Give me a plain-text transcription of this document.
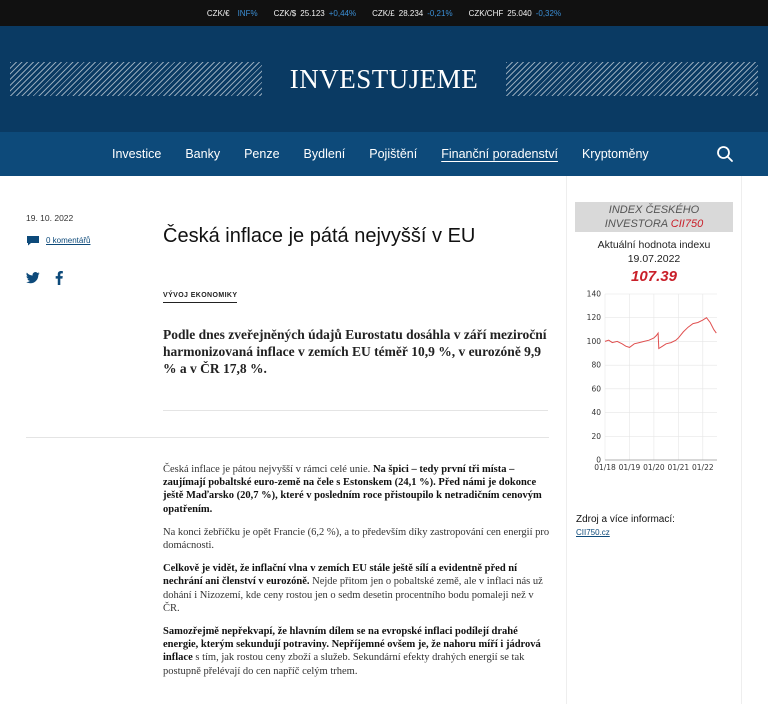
CZK/€ INF% CZK/$ 25.123 +0,44% CZK/£ 28.234 -0,21% CZK/CHF 25.040 -0,32%
INVESTUJEME
Investice	Banky	Penze	Bydlení	Pojištění	Finanční poradenství	Kryptoměny
19. 10. 2022
0 komentářů	Česká inflace je pátá nejvyšší v EU
VÝVOJ EKONOMIKY
Podle dnes zveřejněných údajů Eurostatu dosáhla v září meziroční harmonizovaná inflace v zemích EU téměř 10,9 %, v eurozóně 9,9 % a v ČR 17,8 %.

Česká inflace je pátou nejvyšší v rámci celé unie. Na špici – tedy první tři místa – zaujímají pobaltské euro-země na čele s Estonskem (24,1 %). Před námi je dokonce ještě Maďarsko (20,7 %), které v posledním roce přistoupilo k netradičním cenovým opatřením.

Na konci žebříčku je opět Francie (6,2 %), a to především díky zastropování cen energií pro domácnosti.

Celkově je vidět, že inflační vlna v zemích EU stále ještě sílí a evidentně před ní nechrání ani členství v eurozóně. Nejde přitom jen o pobaltské země, ale v inflaci nás už dohání i Nizozemí, kde ceny rostou jen o sedm desetin procentního bodu pomaleji než v ČR.

Samozřejmě nepřekvapí, že hlavním dílem se na evropské inflaci podílejí drahé energie, kterým sekundují potraviny. Nepříjemné ovšem je, že nahoru míří i jádrová inflace s tím, jak rostou ceny zboží a služeb. Sekundární efekty drahých energií se tak postupně přelévají do cen napříč celým trhem.

INDEX ČESKÉHO
INVESTORA CII750
Aktuální hodnota indexu
19.07.2022
107.39
0
20
40
60
80
100
120
140
01/18 01/19 01/20 01/21 01/22
Zdroj a více informací:
CII750.cz
